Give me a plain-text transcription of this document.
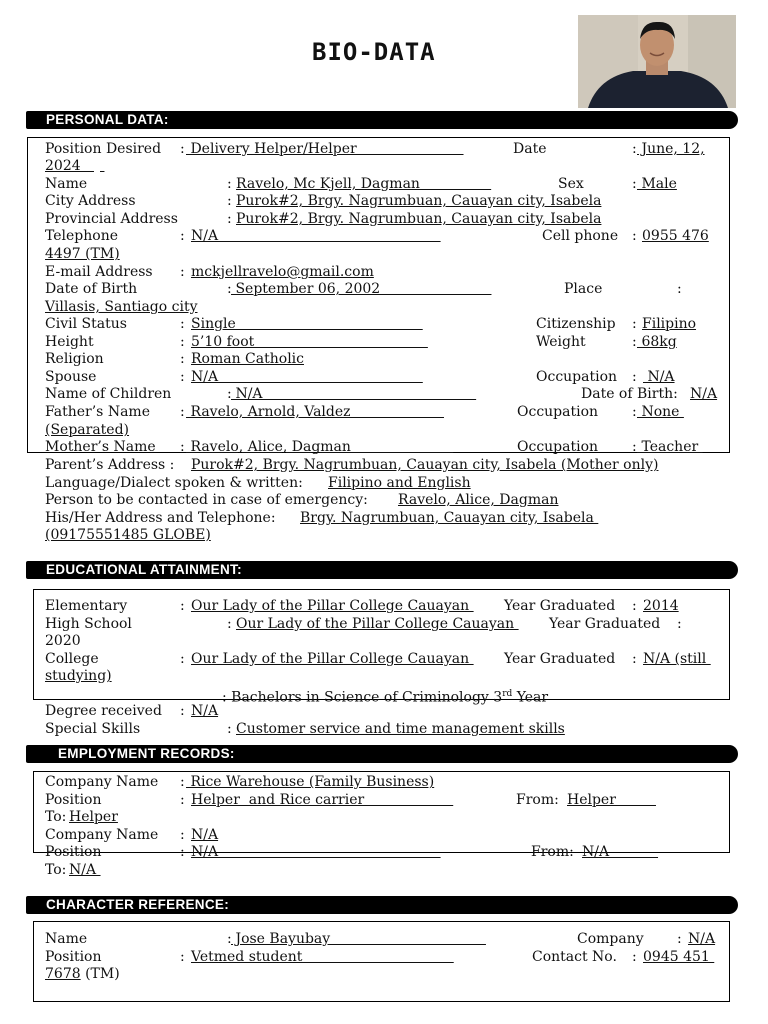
BIO-DATA
PERSONAL DATA:
EDUCATIONAL ATTAINMENT:
EMPLOYMENT RECORDS:
CHARACTER REFERENCE:
Position Desired : Delivery Helper/Helper	Date	: June, 12,
2024

Name	: Ravelo, Mc Kjell, Dagman	Sex	: Male
City Address	: Purok#2, Brgy. Nagrumbuan, Cauayan city, Isabela
Provincial Address	: Purok#2, Brgy. Nagrumbuan, Cauayan city, Isabela
Telephone	: N/A	Cell phone : 0955 476
4497 (TM)
E-mail Address : mckjellravelo@gmail.com
Date of Birth	: September 06, 2002	Place	:
Villasis, Santiago city
Civil Status	: Single	Citizenship : Filipino
Height	: 5’10 foot	Weight	: 68kg
Religion	: Roman Catholic
Spouse	: N/A	Occupation : N/A
Name of Children	: N/A	Date of Birth: N/A
Father’s Name : Ravelo, Arnold, Valdez	Occupation : None
(Separated)
Mother’s Name : Ravelo, Alice, Dagman	Occupation : Teacher
Parent’s Address : Purok#2, Brgy. Nagrumbuan, Cauayan city, Isabela (Mother only)
Language/Dialect spoken & written: Filipino and English
Person to be contacted in case of emergency: Ravelo, Alice, Dagman
His/Her Address and Telephone: Brgy. Nagrumbuan, Cauayan city, Isabela
(09175551485 GLOBE)
Elementary	: Our Lady of the Pillar College Cauayan Year Graduated : 2014
High School	: Our Lady of the Pillar College Cauayan Year Graduated :
2020
College	: Our Lady of the Pillar College Cauayan Year Graduated : N/A (still
studying)
: Bachelors in Science of Criminology 3rd Year
Degree received : N/A
Special Skills	: Customer service and time management skills
Company Name : Rice Warehouse (Family Business)
Position	: Helper  and Rice carrier	From: Helper
To: Helper
Company Name : N/A
Position	: N/A	From: N/A
To: N/A
Name	: Jose Bayubay	Company : N/A
Position	: Vetmed student	Contact No. : 0945 451
7678 (TM)
